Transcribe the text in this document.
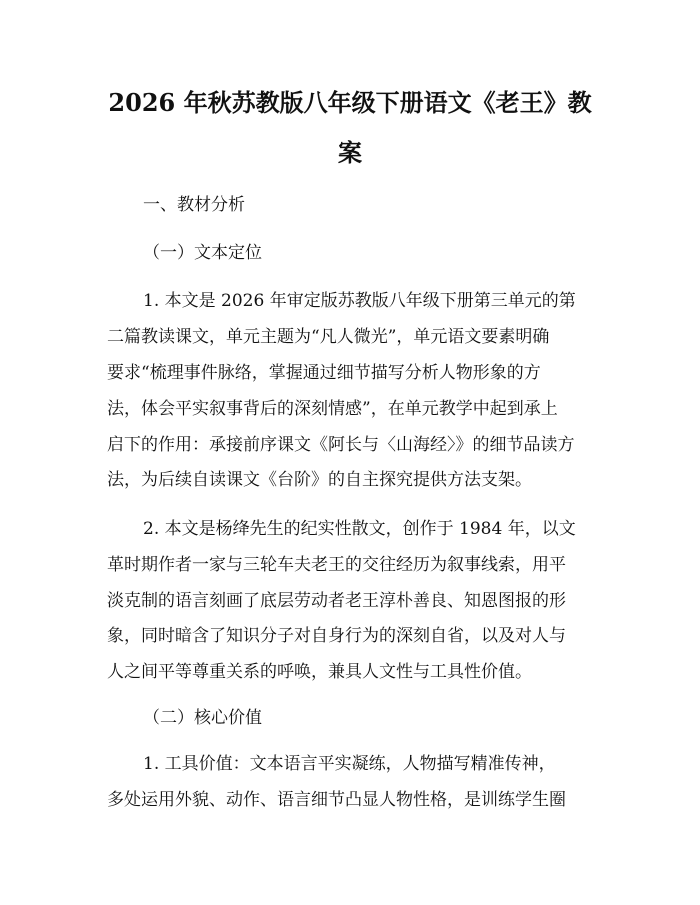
2026 年秋苏教版八年级下册语文《老王》教
案

一、教材分析

（一）文本定位

1. 本文是 2026 年审定版苏教版八年级下册第三单元的第

二篇教读课文，单元主题为“凡人微光”，单元语文要素明确

要求“梳理事件脉络，掌握通过细节描写分析人物形象的方

法，体会平实叙事背后的深刻情感”，在单元教学中起到承上

启下的作用：承接前序课文《阿长与〈山海经〉》的细节品读方

法，为后续自读课文《台阶》的自主探究提供方法支架。

2. 本文是杨绛先生的纪实性散文，创作于 1984 年，以文

革时期作者一家与三轮车夫老王的交往经历为叙事线索，用平

淡克制的语言刻画了底层劳动者老王淳朴善良、知恩图报的形

象，同时暗含了知识分子对自身行为的深刻自省，以及对人与

人之间平等尊重关系的呼唤，兼具人文性与工具性价值。

（二）核心价值

1. 工具价值：文本语言平实凝练，人物描写精准传神，

多处运用外貌、动作、语言细节凸显人物性格，是训练学生圈
